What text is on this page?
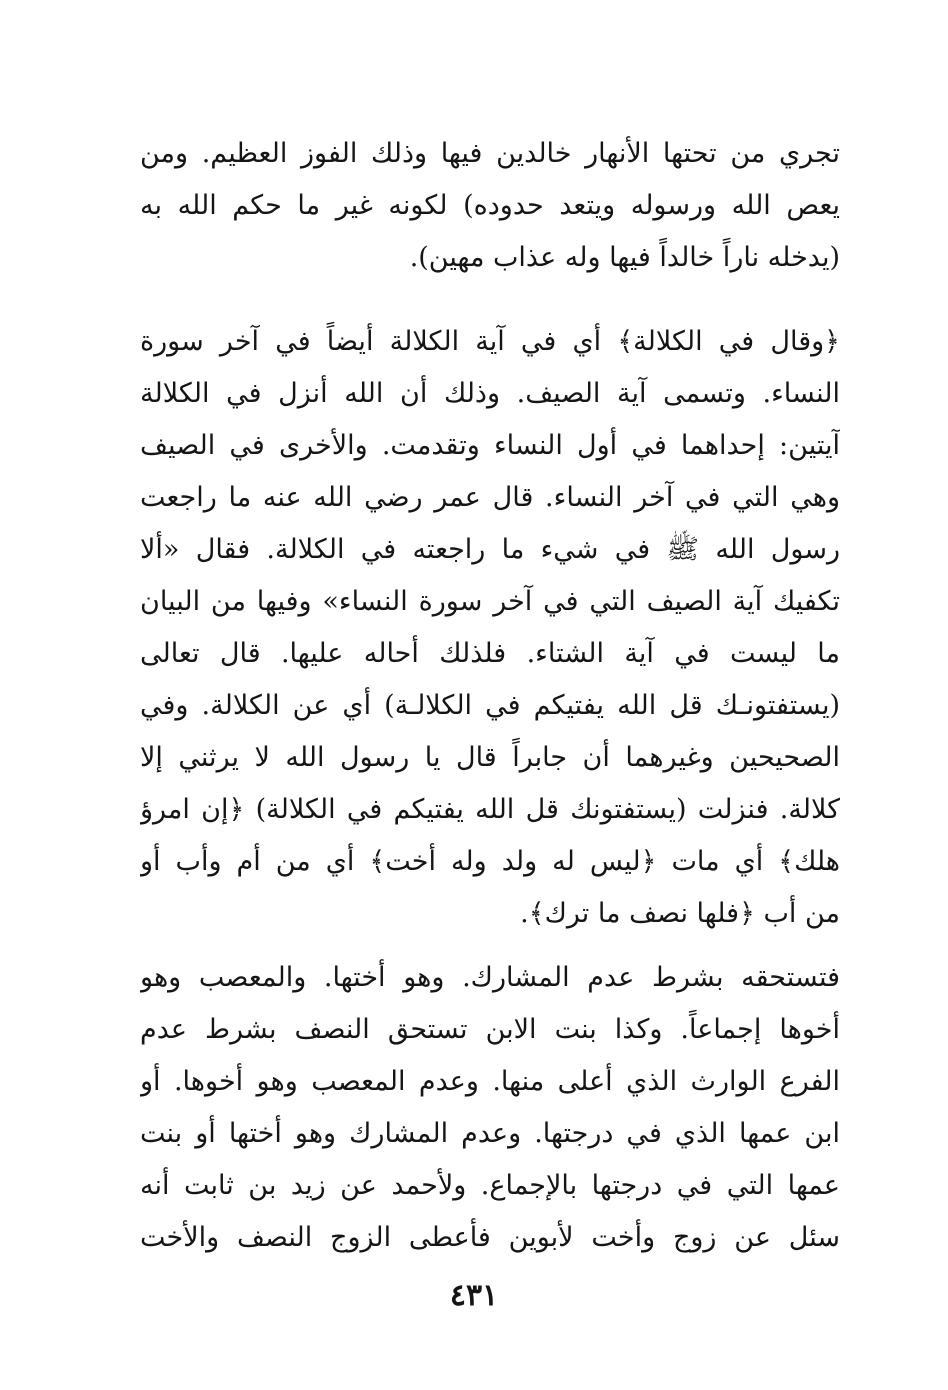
تجري من تحتها الأنهار خالدين فيها وذلك الفوز العظيم. ومن
يعص الله ورسوله ويتعد حدوده) لكونه غير ما حكم الله به
(يدخله ناراً خالداً فيها وله عذاب مهين).
﴿وقال في الكلالة﴾ أي في آية الكلالة أيضاً في آخر سورة
النساء. وتسمى آية الصيف. وذلك أن الله أنزل في الكلالة
آيتين: إحداهما في أول النساء وتقدمت. والأخرى في الصيف
وهي التي في آخر النساء. قال عمر رضي الله عنه ما راجعت
رسول الله ﷺ في شيء ما راجعته في الكلالة. فقال «ألا
تكفيك آية الصيف التي في آخر سورة النساء» وفيها من البيان
ما ليست في آية الشتاء. فلذلك أحاله عليها. قال تعالى
(يستفتونـك قل الله يفتيكم في الكلالـة) أي عن الكلالة. وفي
الصحيحين وغيرهما أن جابراً قال يا رسول الله لا يرثني إلا
كلالة. فنزلت (يستفتونك قل الله يفتيكم في الكلالة) ﴿إن امرؤ
هلك﴾ أي مات ﴿ليس له ولد وله أخت﴾ أي من أم وأب أو
من أب ﴿فلها نصف ما ترك﴾.
فتستحقه بشرط عدم المشارك. وهو أختها. والمعصب وهو
أخوها إجماعاً. وكذا بنت الابن تستحق النصف بشرط عدم
الفرع الوارث الذي أعلى منها. وعدم المعصب وهو أخوها. أو
ابن عمها الذي في درجتها. وعدم المشارك وهو أختها أو بنت
عمها التي في درجتها بالإجماع. ولأحمد عن زيد بن ثابت أنه
سئل عن زوج وأخت لأبوين فأعطى الزوج النصف والأخت
٤٣١
